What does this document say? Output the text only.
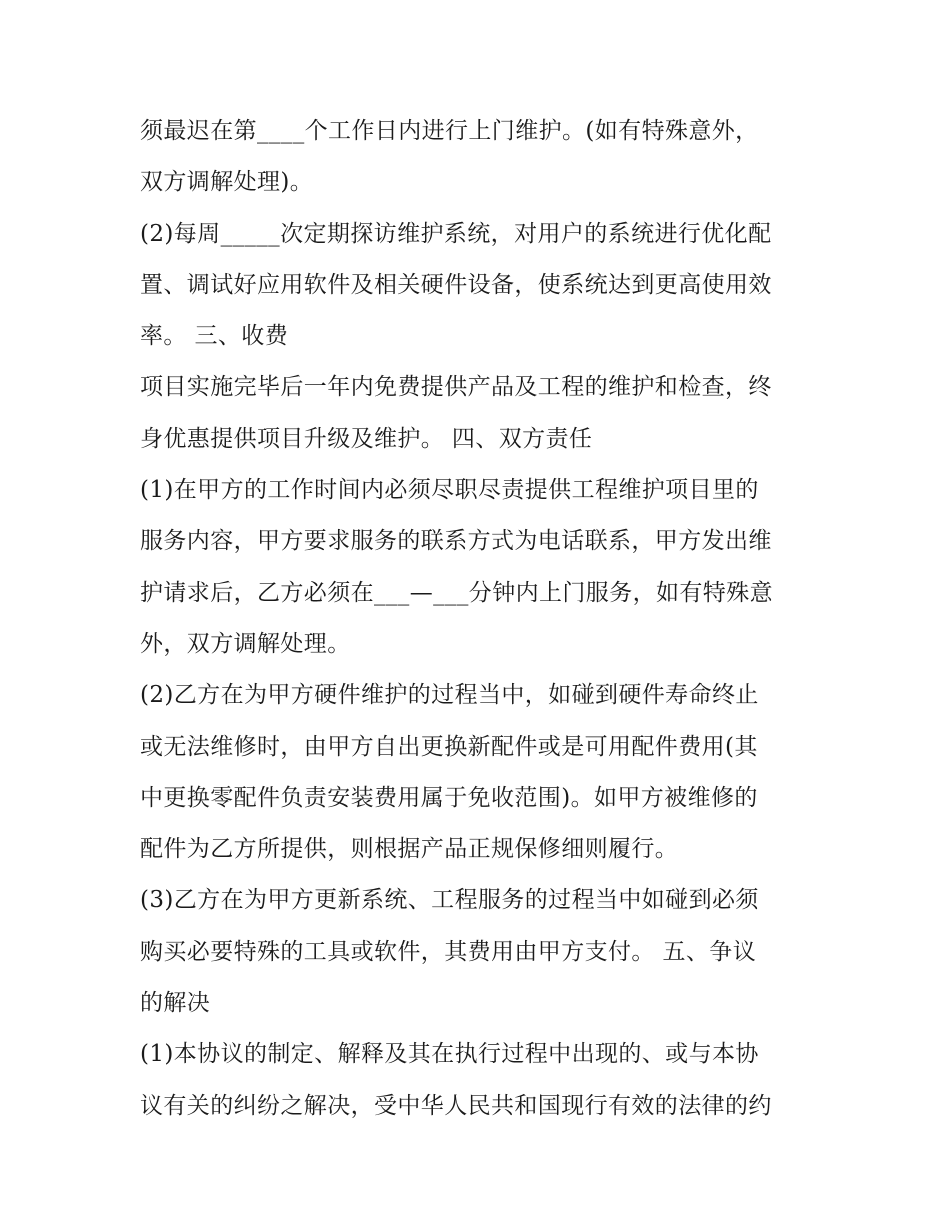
须最迟在第____个工作日内进行上门维护。(如有特殊意外，
双方调解处理)。
(2)每周_____次定期探访维护系统，对用户的系统进行优化配
置、调试好应用软件及相关硬件设备，使系统达到更高使用效
率。 三、收费
项目实施完毕后一年内免费提供产品及工程的维护和检查，终
身优惠提供项目升级及维护。 四、双方责任
(1)在甲方的工作时间内必须尽职尽责提供工程维护项目里的
服务内容，甲方要求服务的联系方式为电话联系，甲方发出维
护请求后，乙方必须在___—___分钟内上门服务，如有特殊意
外，双方调解处理。
(2)乙方在为甲方硬件维护的过程当中，如碰到硬件寿命终止
或无法维修时，由甲方自出更换新配件或是可用配件费用(其
中更换零配件负责安装费用属于免收范围)。如甲方被维修的
配件为乙方所提供，则根据产品正规保修细则履行。
(3)乙方在为甲方更新系统、工程服务的过程当中如碰到必须
购买必要特殊的工具或软件，其费用由甲方支付。 五、争议
的解决
(1)本协议的制定、解释及其在执行过程中出现的、或与本协
议有关的纠纷之解决，受中华人民共和国现行有效的法律的约
